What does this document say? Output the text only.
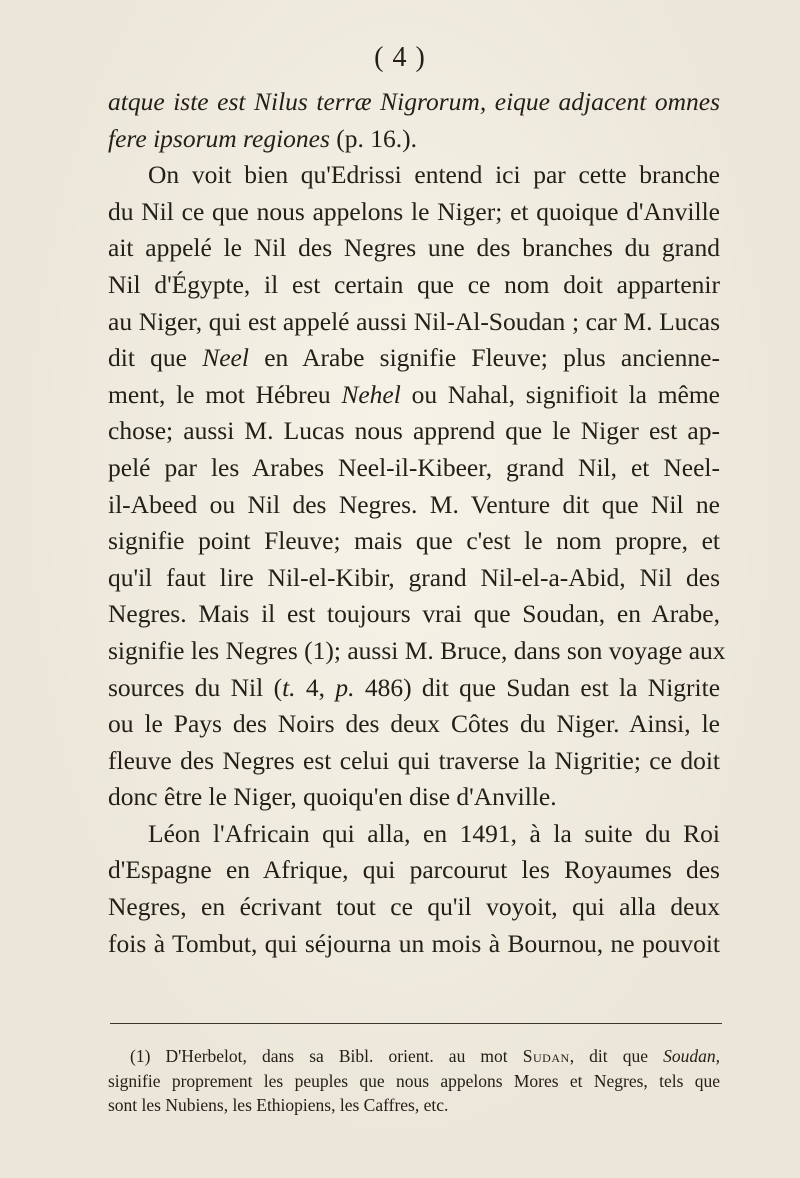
( 4 )
atque iste est Nilus terræ Nigrorum, eique adjacent omnes
fere ipsorum regiones (p. 16.).
On voit bien qu'Edrissi entend ici par cette branche
du Nil ce que nous appelons le Niger; et quoique d'Anville
ait appelé le Nil des Negres une des branches du grand
Nil d'Égypte, il est certain que ce nom doit appartenir
au Niger, qui est appelé aussi Nil-Al-Soudan ; car M. Lucas
dit que Neel en Arabe signifie Fleuve; plus ancienne-
ment, le mot Hébreu Nehel ou Nahal, signifioit la même
chose; aussi M. Lucas nous apprend que le Niger est ap-
pelé par les Arabes Neel-il-Kibeer, grand Nil, et Neel-
il-Abeed ou Nil des Negres. M. Venture dit que Nil ne
signifie point Fleuve; mais que c'est le nom propre, et
qu'il faut lire Nil-el-Kibir, grand Nil-el-a-Abid, Nil des
Negres. Mais il est toujours vrai que Soudan, en Arabe,
signifie les Negres (1); aussi M. Bruce, dans son voyage aux
sources du Nil (t. 4, p. 486) dit que Sudan est la Nigrite
ou le Pays des Noirs des deux Côtes du Niger. Ainsi, le
fleuve des Negres est celui qui traverse la Nigritie; ce doit
donc être le Niger, quoiqu'en dise d'Anville.
Léon l'Africain qui alla, en 1491, à la suite du Roi
d'Espagne en Afrique, qui parcourut les Royaumes des
Negres, en écrivant tout ce qu'il voyoit, qui alla deux
fois à Tombut, qui séjourna un mois à Bournou, ne pouvoit
(1) D'Herbelot, dans sa Bibl. orient. au mot Sudan, dit que Soudan,
signifie proprement les peuples que nous appelons Mores et Negres, tels que
sont les Nubiens, les Ethiopiens, les Caffres, etc.
